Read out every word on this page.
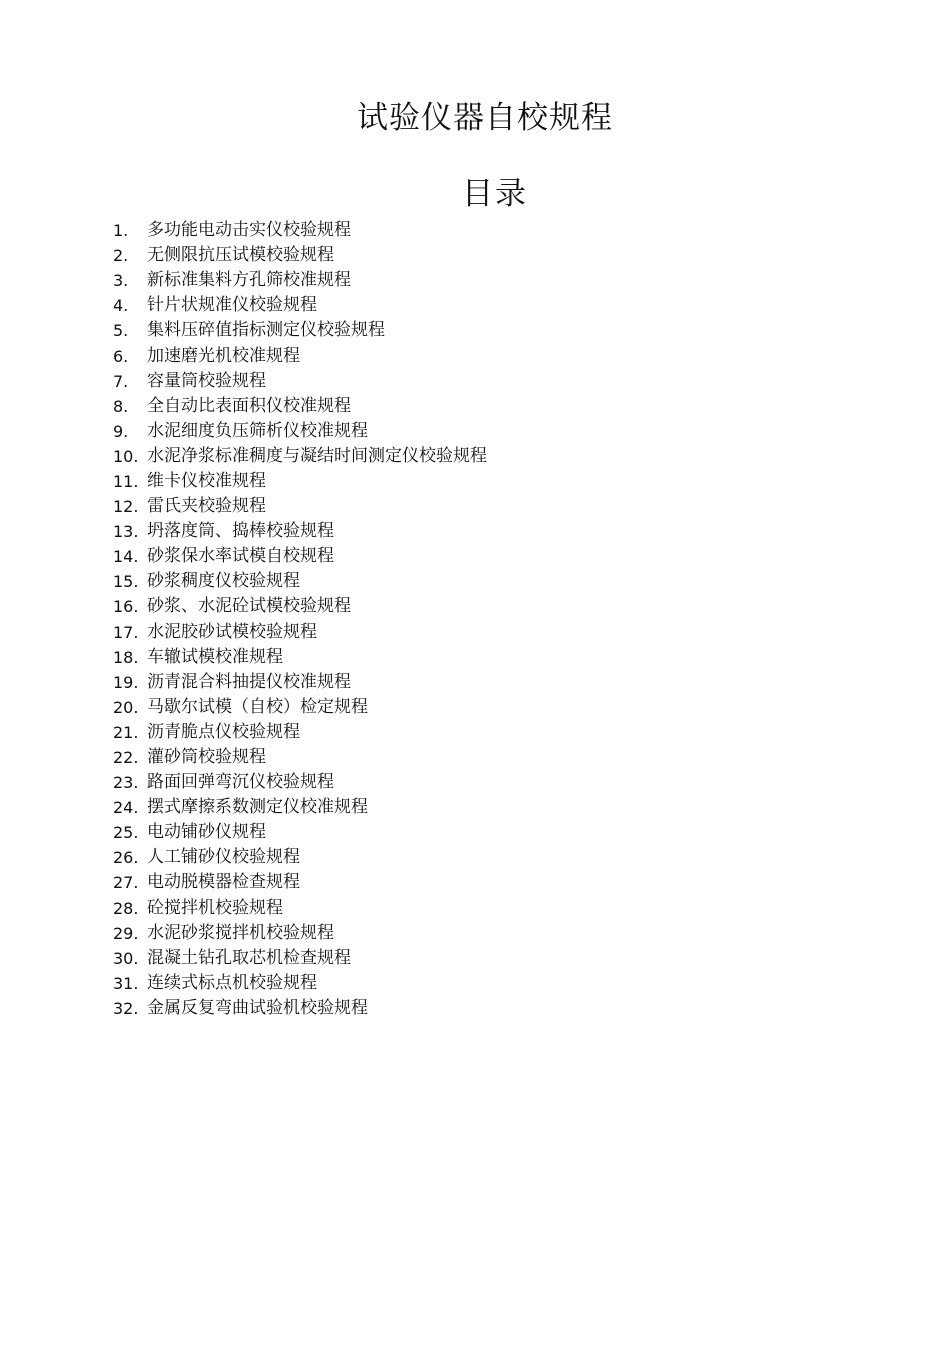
试验仪器自校规程
目录
1.	多功能电动击实仪校验规程
2.	无侧限抗压试模校验规程
3.	新标准集料方孔筛校准规程
4.	针片状规准仪校验规程
5.	集料压碎值指标测定仪校验规程
6.	加速磨光机校准规程
7.	容量筒校验规程
8.	全自动比表面积仪校准规程
9.	水泥细度负压筛析仪校准规程
10. 水泥净浆标准稠度与凝结时间测定仪校验规程
11. 维卡仪校准规程
12. 雷氏夹校验规程
13. 坍落度筒、捣棒校验规程
14. 砂浆保水率试模自校规程
15. 砂浆稠度仪校验规程
16. 砂浆、水泥砼试模校验规程
17. 水泥胶砂试模校验规程
18. 车辙试模校准规程
19. 沥青混合料抽提仪校准规程
20. 马歇尔试模（自校）检定规程
21. 沥青脆点仪校验规程
22. 灌砂筒校验规程
23. 路面回弹弯沉仪校验规程
24. 摆式摩擦系数测定仪校准规程
25. 电动铺砂仪规程
26. 人工铺砂仪校验规程
27. 电动脱模器检查规程
28. 砼搅拌机校验规程
29. 水泥砂浆搅拌机校验规程
30. 混凝土钻孔取芯机检查规程
31. 连续式标点机校验规程
32. 金属反复弯曲试验机校验规程
